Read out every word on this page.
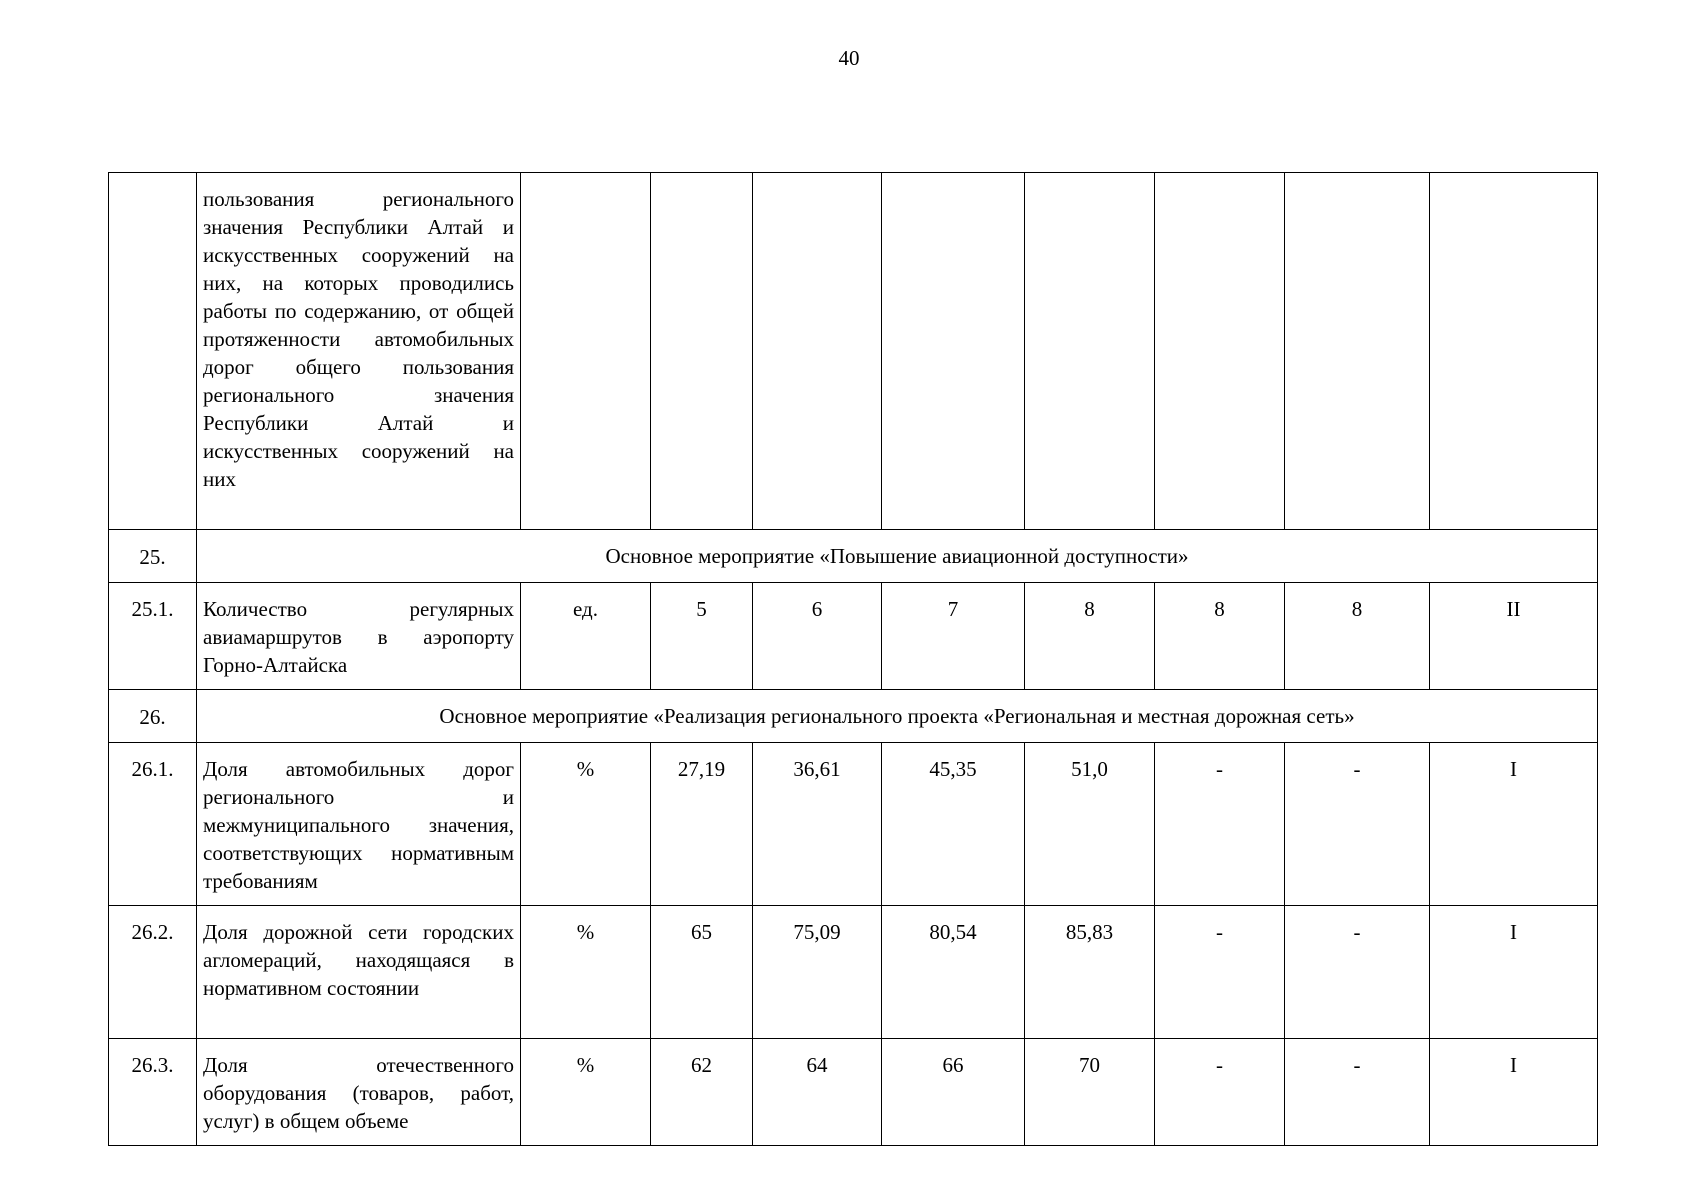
40
	пользования регионального значения Республики Алтай и искусственных сооружений на них, на которых проводились работы по содержанию, от общей протяженности автомобильных дорог общего пользования регионального значения Республики Алтай и искусственных сооружений на них								
25.	Основное мероприятие «Повышение авиационной доступности»								
25.1.	Количество регулярных авиамаршрутов в аэропорту Горно-Алтайска	ед.	5	6	7	8	8	8	II
26.	Основное мероприятие «Реализация регионального проекта «Региональная и местная дорожная сеть»								
26.1.	Доля автомобильных дорог регионального и межмуниципального значения, соответствующих нормативным требованиям	%	27,19	36,61	45,35	51,0	-	-	I
26.2.	Доля дорожной сети городских агломераций, находящаяся в нормативном состоянии	%	65	75,09	80,54	85,83	-	-	I
26.3.	Доля отечественного оборудования (товаров, работ, услуг) в общем объеме	%	62	64	66	70	-	-	I
